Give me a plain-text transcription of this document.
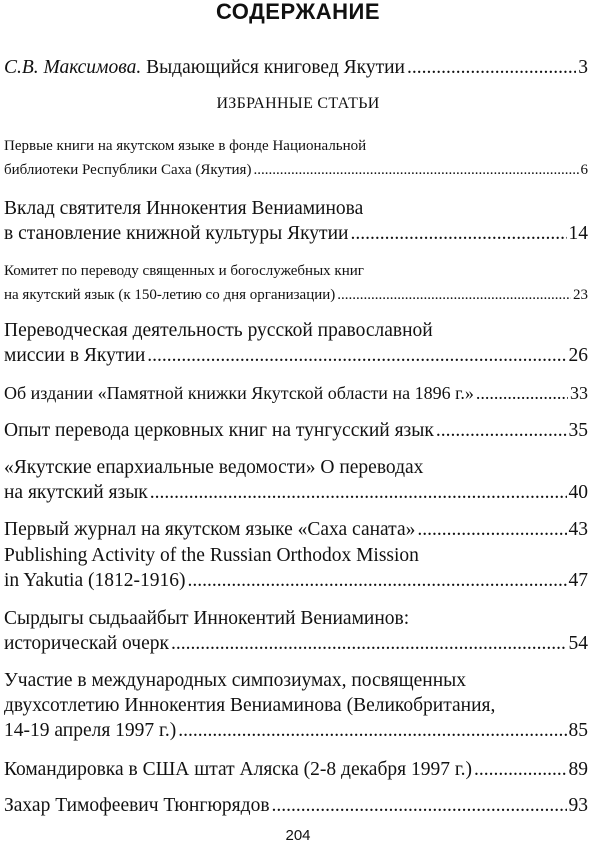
СОДЕРЖАНИЕ
С.В. Максимова. Выдающийся книговед Якутии .....	3
ИЗБРАННЫЕ СТАТЬИ
Первые книги на якутском языке в фонде Национальной
библиотеки Республики Саха (Якутия) .....	6
Вклад святителя Иннокентия Вениаминова
в становление книжной культуры Якутии .....	14
Комитет по переводу священных и богослужебных книг
на якутский язык (к 150-летию со дня организации) .....	23
Переводческая деятельность русской православной
миссии в Якутии .....	26
Об издании «Памятной книжки Якутской области на 1896 г.» .....	33
Опыт перевода церковных книг на тунгусский язык .....	35
«Якутские епархиальные ведомости» О переводах
на якутский язык .....	40
Первый журнал на якутском языке «Саха саната» .....	43
Publishing Activity of the Russian Orthodox Mission
in Yakutia (1812-1916) .....	47
Сырдыгы сыдьаайбыт Иннокентий Вениаминов:
историческай очерк .....	54
Участие в международных симпозиумах, посвященных
двухсотлетию Иннокентия Вениаминова (Великобритания,
14-19 апреля 1997 г.) .....	85
Командировка в США штат Аляска (2-8 декабря 1997 г.) .....	89
Захар Тимофеевич Тюнгюрядов .....	93
204
